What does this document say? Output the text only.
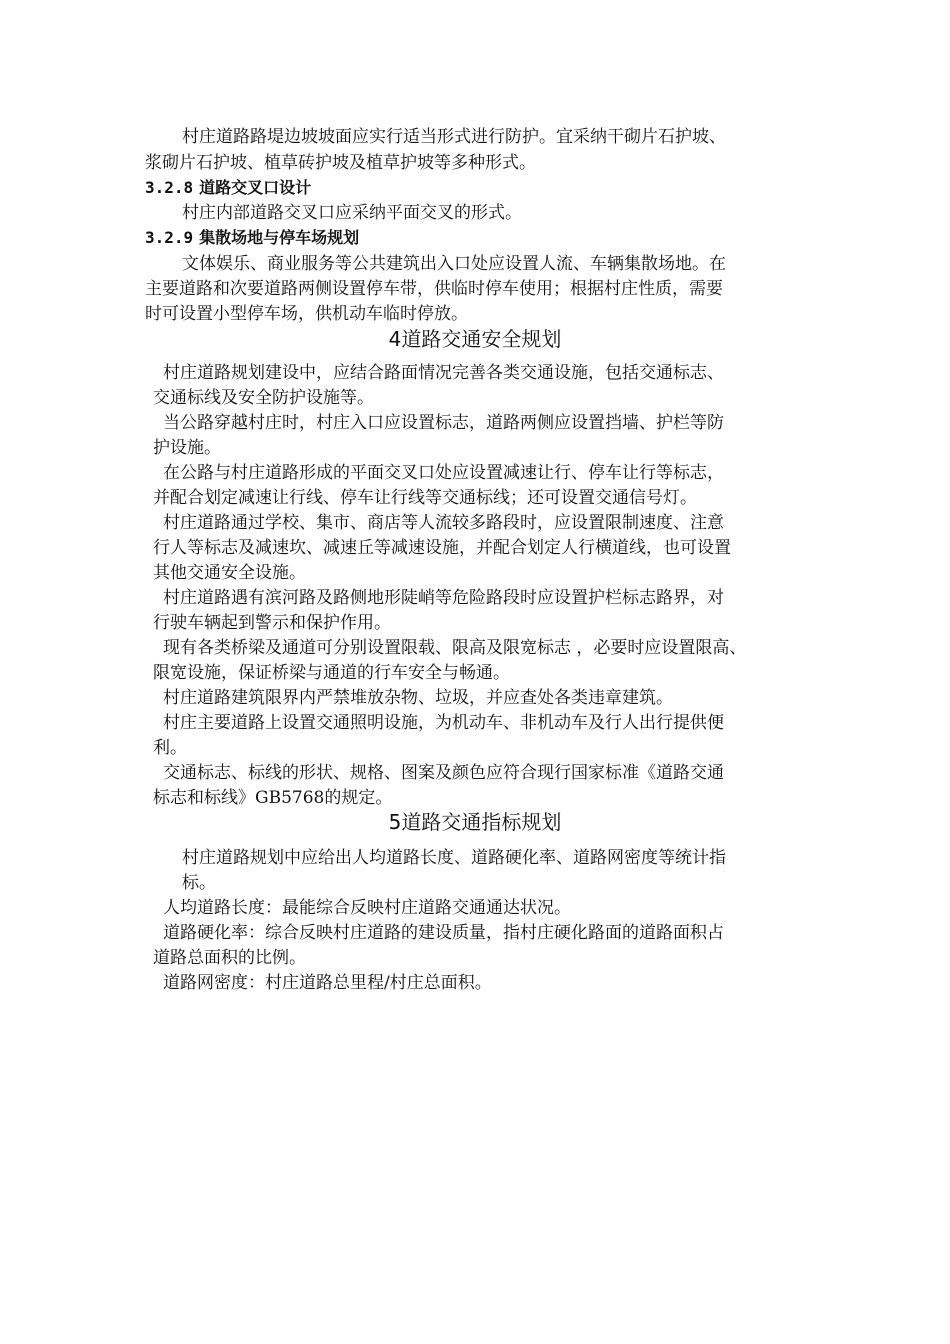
村庄道路路堤边坡坡面应实行适当形式进行防护。宜采纳干砌片石护坡、

浆砌片石护坡、植草砖护坡及植草护坡等多种形式。

3.2.8 道路交叉口设计

村庄内部道路交叉口应采纳平面交叉的形式。

3.2.9 集散场地与停车场规划

文体娱乐、商业服务等公共建筑出入口处应设置人流、车辆集散场地。在

主要道路和次要道路两侧设置停车带，供临时停车使用；根据村庄性质，需要

时可设置小型停车场，供机动车临时停放。

4道路交通安全规划

村庄道路规划建设中，应结合路面情况完善各类交通设施，包括交通标志、

交通标线及安全防护设施等。

当公路穿越村庄时，村庄入口应设置标志，道路两侧应设置挡墙、护栏等防

护设施。

在公路与村庄道路形成的平面交叉口处应设置减速让行、停车让行等标志，

并配合划定减速让行线、停车让行线等交通标线；还可设置交通信号灯。

村庄道路通过学校、集市、商店等人流较多路段时，应设置限制速度、注意

行人等标志及减速坎、减速丘等减速设施，并配合划定人行横道线，也可设置

其他交通安全设施。

村庄道路遇有滨河路及路侧地形陡峭等危险路段时应设置护栏标志路界，对

行驶车辆起到警示和保护作用。

现有各类桥梁及通道可分别设置限载、限高及限宽标志 ，必要时应设置限高、

限宽设施，保证桥梁与通道的行车安全与畅通。

村庄道路建筑限界内严禁堆放杂物、垃圾，并应查处各类违章建筑。

村庄主要道路上设置交通照明设施，为机动车、非机动车及行人出行提供便

利。

交通标志、标线的形状、规格、图案及颜色应符合现行国家标准《道路交通

标志和标线》GB5768的规定。

5道路交通指标规划

村庄道路规划中应给出人均道路长度、道路硬化率、道路网密度等统计指

标。

人均道路长度：最能综合反映村庄道路交通通达状况。

道路硬化率：综合反映村庄道路的建设质量，指村庄硬化路面的道路面积占

道路总面积的比例。

道路网密度：村庄道路总里程/村庄总面积。
